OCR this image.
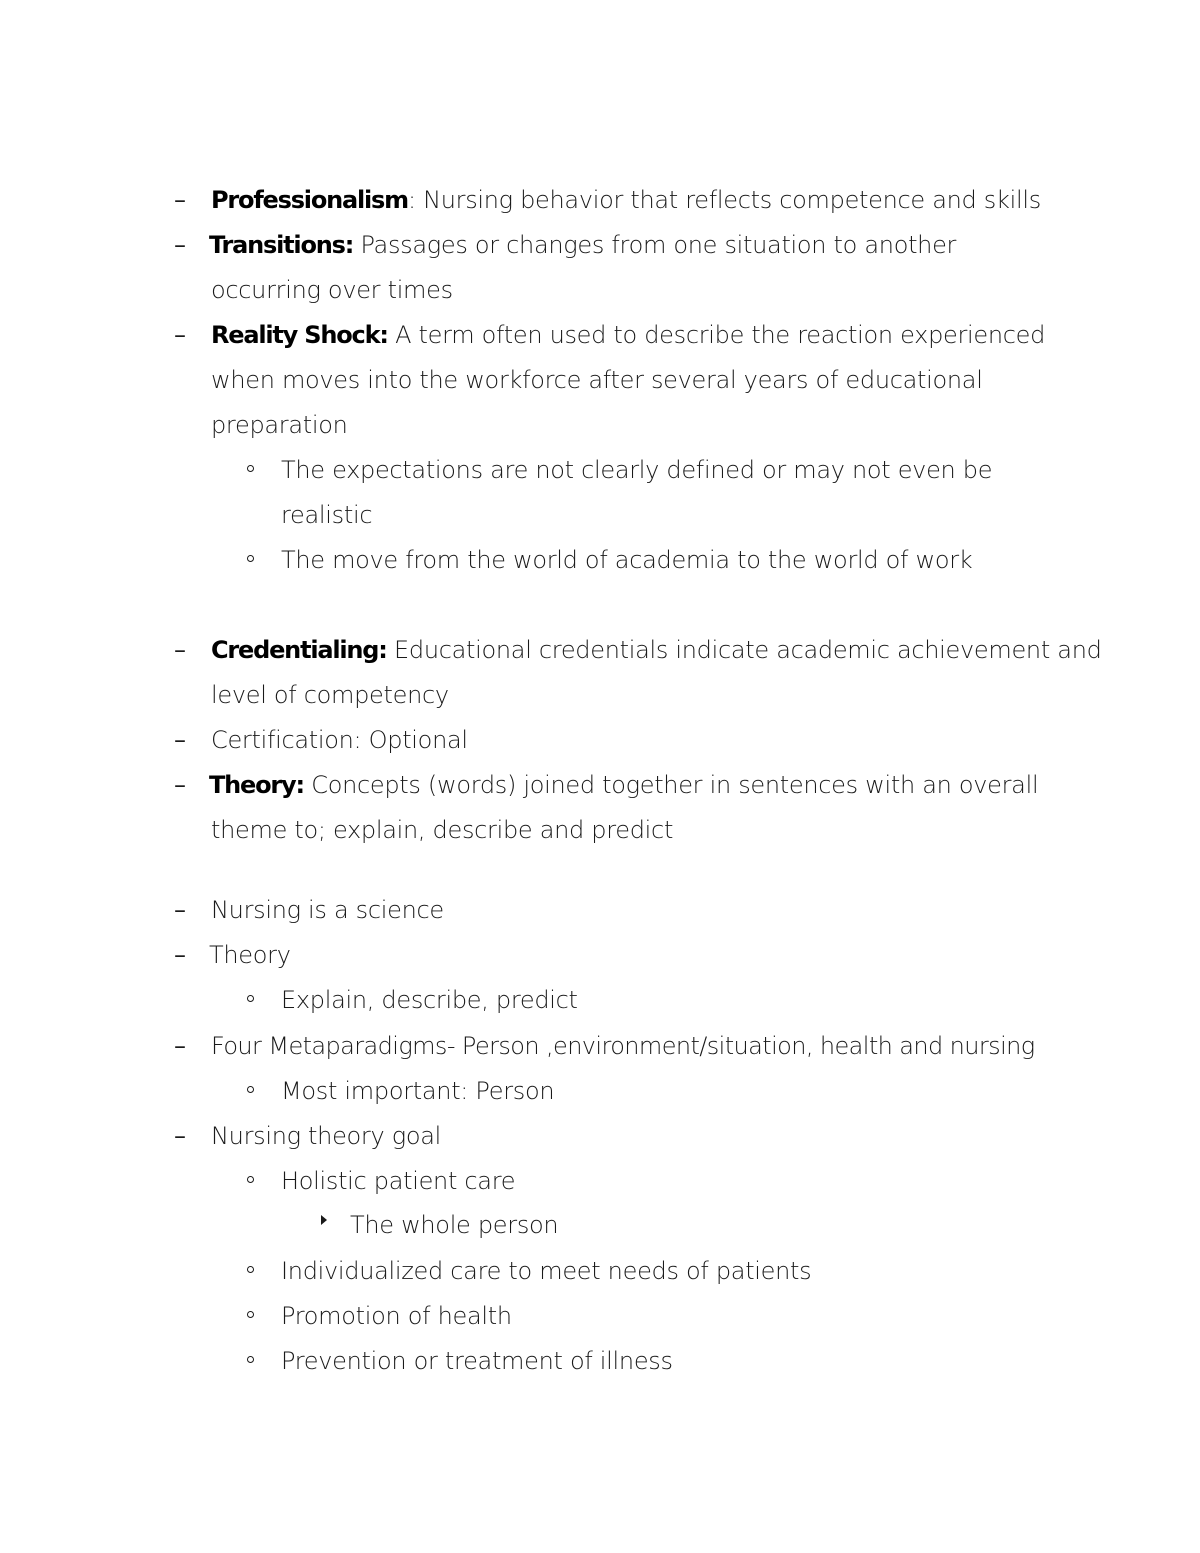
– Professionalism: Nursing behavior that reflects competence and skills
– Transitions: Passages or changes from one situation to another
occurring over times
– Reality Shock: A term often used to describe the reaction experienced
when moves into the workforce after several years of educational
preparation
The expectations are not clearly defined or may not even be
realistic
The move from the world of academia to the world of work
– Credentialing: Educational credentials indicate academic achievement and
level of competency
– Certification: Optional
– Theory: Concepts (words) joined together in sentences with an overall
theme to; explain, describe and predict
– Nursing is a science
– Theory
Explain, describe, predict
– Four Metaparadigms- Person ,environment/situation, health and nursing
Most important: Person
– Nursing theory goal
Holistic patient care
The whole person
Individualized care to meet needs of patients
Promotion of health
Prevention or treatment of illness
